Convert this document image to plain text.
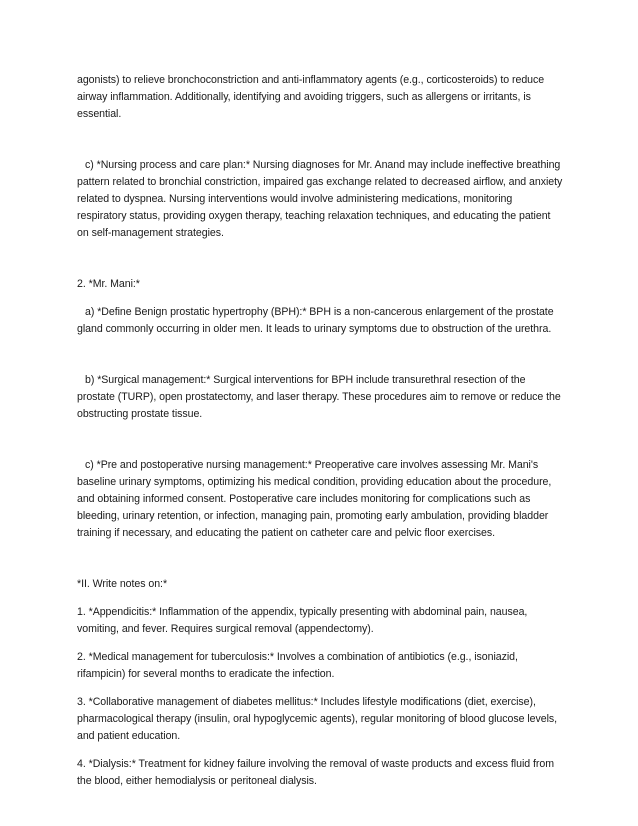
agonists) to relieve bronchoconstriction and anti-inflammatory agents (e.g., corticosteroids) to reduce airway inflammation. Additionally, identifying and avoiding triggers, such as allergens or irritants, is essential.

c) *Nursing process and care plan:* Nursing diagnoses for Mr. Anand may include ineffective breathing pattern related to bronchial constriction, impaired gas exchange related to decreased airflow, and anxiety related to dyspnea. Nursing interventions would involve administering medications, monitoring respiratory status, providing oxygen therapy, teaching relaxation techniques, and educating the patient on self-management strategies.

2. *Mr. Mani:*

a) *Define Benign prostatic hypertrophy (BPH):* BPH is a non-cancerous enlargement of the prostate gland commonly occurring in older men. It leads to urinary symptoms due to obstruction of the urethra.

b) *Surgical management:* Surgical interventions for BPH include transurethral resection of the prostate (TURP), open prostatectomy, and laser therapy. These procedures aim to remove or reduce the obstructing prostate tissue.

c) *Pre and postoperative nursing management:* Preoperative care involves assessing Mr. Mani's baseline urinary symptoms, optimizing his medical condition, providing education about the procedure, and obtaining informed consent. Postoperative care includes monitoring for complications such as bleeding, urinary retention, or infection, managing pain, promoting early ambulation, providing bladder training if necessary, and educating the patient on catheter care and pelvic floor exercises.

*II. Write notes on:*

1. *Appendicitis:* Inflammation of the appendix, typically presenting with abdominal pain, nausea, vomiting, and fever. Requires surgical removal (appendectomy).

2. *Medical management for tuberculosis:* Involves a combination of antibiotics (e.g., isoniazid, rifampicin) for several months to eradicate the infection.

3. *Collaborative management of diabetes mellitus:* Includes lifestyle modifications (diet, exercise), pharmacological therapy (insulin, oral hypoglycemic agents), regular monitoring of blood glucose levels, and patient education.

4. *Dialysis:* Treatment for kidney failure involving the removal of waste products and excess fluid from the blood, either hemodialysis or peritoneal dialysis.
